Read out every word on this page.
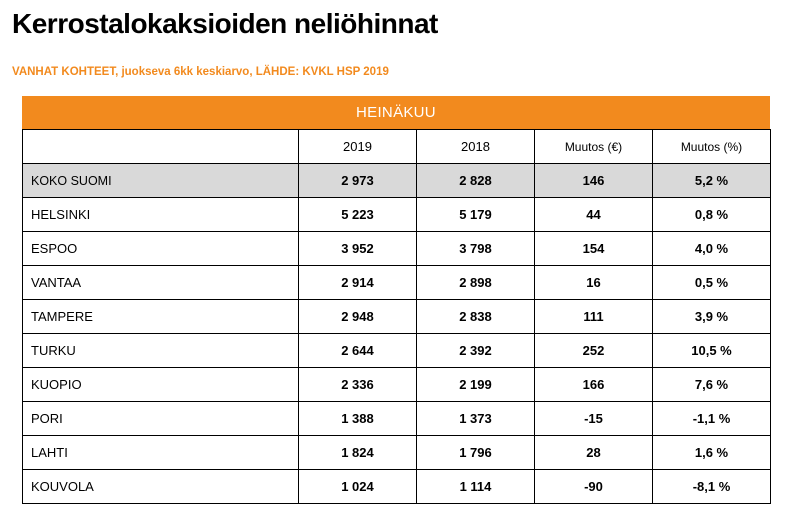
Kerrostalokaksioiden neliöhinnat
VANHAT KOHTEET, juokseva 6kk keskiarvo, LÄHDE: KVKL HSP 2019
HEINÄKUU
	2019	2018	Muutos (€)	Muutos (%)
KOKO SUOMI	2 973	2 828	146	5,2 %
HELSINKI	5 223	5 179	44	0,8 %
ESPOO	3 952	3 798	154	4,0 %
VANTAA	2 914	2 898	16	0,5 %
TAMPERE	2 948	2 838	111	3,9 %
TURKU	2 644	2 392	252	10,5 %
KUOPIO	2 336	2 199	166	7,6 %
PORI	1 388	1 373	-15	-1,1 %
LAHTI	1 824	1 796	28	1,6 %
KOUVOLA	1 024	1 114	-90	-8,1 %
